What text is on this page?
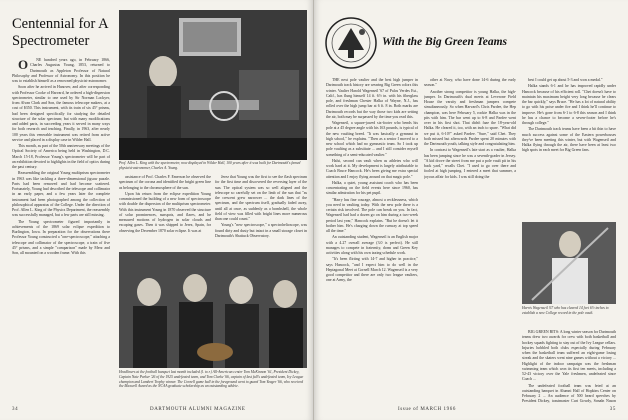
Centennial for A Spectrometer

O NE hundred years ago, in February 1866, Charles Augustus Young, 1853, returned to Dartmouth as Appleton Professor of Natural Philosophy and Professor of Astronomy. In this position he was to establish himself as a renowned physicist-astronomer.

Soon after he arrived in Hanover, and after corresponding with Professor Cooke of Harvard, he ordered a high-dispersion spectrometer, similar to one used by Sir Norman Lockyer, from Alvan Clark and Son, the famous telescope makers, at a cost of $350. This instrument, with its train of six 45° prisms, had been designed specifically for studying the detailed structure of the solar spectrum; but with many modifications and added parts, in succeeding years it served in many ways for both research and teaching. Finally, in 1963, after nearly 100 years this venerable instrument was retired from active service and placed in a display case in Wilder Hall.

This month, as part of the 50th anniversary meetings of the Optical Society of America being held in Washington, D.C. March 15-18, Professor Young's spectrometer will be part of an exhibition devoted to highlights in the field of optics during the past century.

Reassembling the original Young multiprism spectrometer in 1963 was like tackling a three-dimensional jigsaw puzzle. Parts had been removed and had become scattered. Fortunately, Young had described the telescope and collimator in an early paper, and a few years later the complete instrument had been photographed among the collection of philosophical apparatus of the College. Under the direction of Prof. Allen L. King of the Physics Department, the reassembly was successfully managed, but a few parts are still missing.

The Young spectrometer figured importantly in achievements of the 1869 solar eclipse expedition to Burlington, Iowa. In preparation for the observations there Professor Young constructed a "one-spectroscope," attaching a telescope and collimator of the spectroscope, a train of five 45° prisms, and a simple "comparison" made by Merz and Son, all mounted on a wooden frame. With this

Prof. Allen L. King with the spectrometer, now displayed in Wilder Hall, 100 years after it was built for Dartmouth's famed physicist-astronomer, Charles A. Young.

assistance of Prof. Charles F. Emerson he observed the spectrum of the corona and identified the bright green line as belonging to the chromosphere of the sun.

Upon his return from the eclipse expedition Young commissioned the building of a new form of spectroscope with double the dispersion of the multiprism spectrometer. With this instrument Young in 1870 observed the structure of solar prominences, sunspots, and flares, and he measured motions of hydrogen in solar clouds and escaping gases. Then it was shipped to Jerez, Spain, for observing the December 1870 solar eclipse. It was at

Jerez that Young was the first to see the flash spectrum for the first time and discovered the reversing layer of the sun. The optical system was so well aligned and the telescope so carefully set on the limb of the sun that "as the crescent grew narrower ... the dark lines of the spectrum, and the spectrum itself, gradually faded away, until all at once, as suddenly as a bombshell, the whole field of view was filled with bright lines more numerous than one could count."

Young's "new spectroscope," a spectrohelioscope, was found dirty and dusty but intact in a small storage closet in Dartmouth's Shattuck Observatory.

Headliners at the football banquet last month included (l. to r.) All-American center Tom McKinnon '61, President Dickey, Captain Nate Parker '26 of the 1925 undefeated team, and Tom Clarke '66, captain of last fall's undefeated team, Ivy League champion and Lambert Trophy winner. The Cornell game ball in the foreground went to guard Tom Yeager '66, who received the Maxwell Award as the NCAA graduate scholarship as an outstanding athlete.
34	DARTMOUTH ALUMNI MAGAZINE
With the Big Green Teams

THE next pole vaulter and the best high jumper in Dartmouth track history are wearing Big Green colors this winter. Vaulter Harold Wagenseil '67 of Palos Verdes Est., Calif., has flung himself 14 ft. 6½ in. with his fiberglass pole, and freshman Chester Halka of Wayne, N.J., has rolled over the high jump bar at 6 ft. 8 in. Both marks are Dartmouth records but the way those two kids are setting the air, both may be surpassed by the time you read this.

Wagenseil, a square-jawed six-footer who bends his pole at a 45 degree angle with his 163 pounds, is typical of the new vaulting breed. "It was basically a gymnast in high school," he explains. "Then as a senior I moved to a new school which had no gymnastic team. So I took up pole vaulting as a substitute ... and I still consider myself something of a semi-educated vaulter."

Halsi, second can vault when as athletes who will work hard at it. My development is largely attributable to Coach Bruce Hancock. He's been giving me extra special attention and I enjoy flying around on that magic pole."

Halka, a quiet, young assistant coach who has been concentrating on the field events here since 1960, has similar admiration for his pet pupil.

"Harry has fine courage, almost a recklessness, which you need in vaulting today. With the new pole there is a certain risk involved. The pole can break on you. In fact, Wagenseil had had a dozen go on him during a two-week period last year," Hancock explains. "But he doesn't let it bother him. He's charging down the runway at top speed all the time."

An outstanding student, Wagenseil is an English major with a 4.27 overall average (3.0 is perfect). He still manages to compete in fraternity, dorm and Green Key activities along with his own taxing schedule work.

"It's been flirting with 14-7 and higher in practice," says Hancock, "and I expect him to do well in the Heptagonal Meet at Cornell March 12. Wagenseil is a very good competitor and there are only two league vaulters, one at Army, the

other at Navy, who have done 14-6 during the early season."

Another strong competitor is young Halka, the high-jumper. In Dartmouth's dual meets at Leverone Field House the varsity and freshman jumpers compete simultaneously. So when Harvard's Chris Pardee, the Hep champion, was here February 5, rookie Halka was in the pits with him. The bar went up to 6-8 and Pardee went over in his first shot. That didn't faze the 18-year-old Halka. He cleared it, too, with an inch to spare. "What did we put it, 6-10?" asked Pardee. "Sure," said Chet. They both missed but afterwards Pardee spent 20 minutes with the Dartmouth youth, talking style and congratulating him.

In contrast to Wagenseil's late start as a vaulter, Halka has been jumping since he was a seventh-grader in Jersey. "A kid drove the street from me put a pole vault pit in his back yard," recalls Chet. "I used to go over there and fooled at high jumping. I entered a meet that summer, a joyous affair for kids. I was still doing the

best I could get up about 5-3 and won a medal."

Halka stands 6-1 and he has improved rapidly under Hancock because of his efficient roll. "Chet doesn't have to maintain his maximum height very long because he clears the bar quickly," says Bruce. "He has a lot of natural ability to go with his poise under fire and I think he'll continue to improve. He's gone from 6-1 to 6-8 this season and I think he has a chance to become a seven-footer before he's through college."

The Dartmouth track teams have been a bit thin to have much success against some of the Eastern powerhouses they've been meeting this winter, but with Wagenseil and Halka flying through the air, there have been at least two high spots in each meet for Big Green fans.

Harris Wagenseil '67 who has cleared 14 feet 6½ inches to establish a new College record in the pole vault.

BIG GREEN BITS: A long winter season for Dartmouth teams drew two awards for crew with both basketball and hockey squads fighting to stay out of the Ivy League cellars. Injuries hobbled both clubs especially during February when the basketball team suffered an eight-game losing streak and the skaters went nine games without a victory ... Highlight of the indoor campaign was the freshman swimming team which won its first ten meets, including a 52-43 victory over the Yale freshmen, undefeated since Coach ...

The undefeated football team was feted at an outstanding banquet in Alumni Hall of Hopkins Center on February 2 ... An audience of 500 heard speeches by President Dickey, toastmaster Curt Gowdy, Sonaln Nason

Issue of MARCH 1966	35
